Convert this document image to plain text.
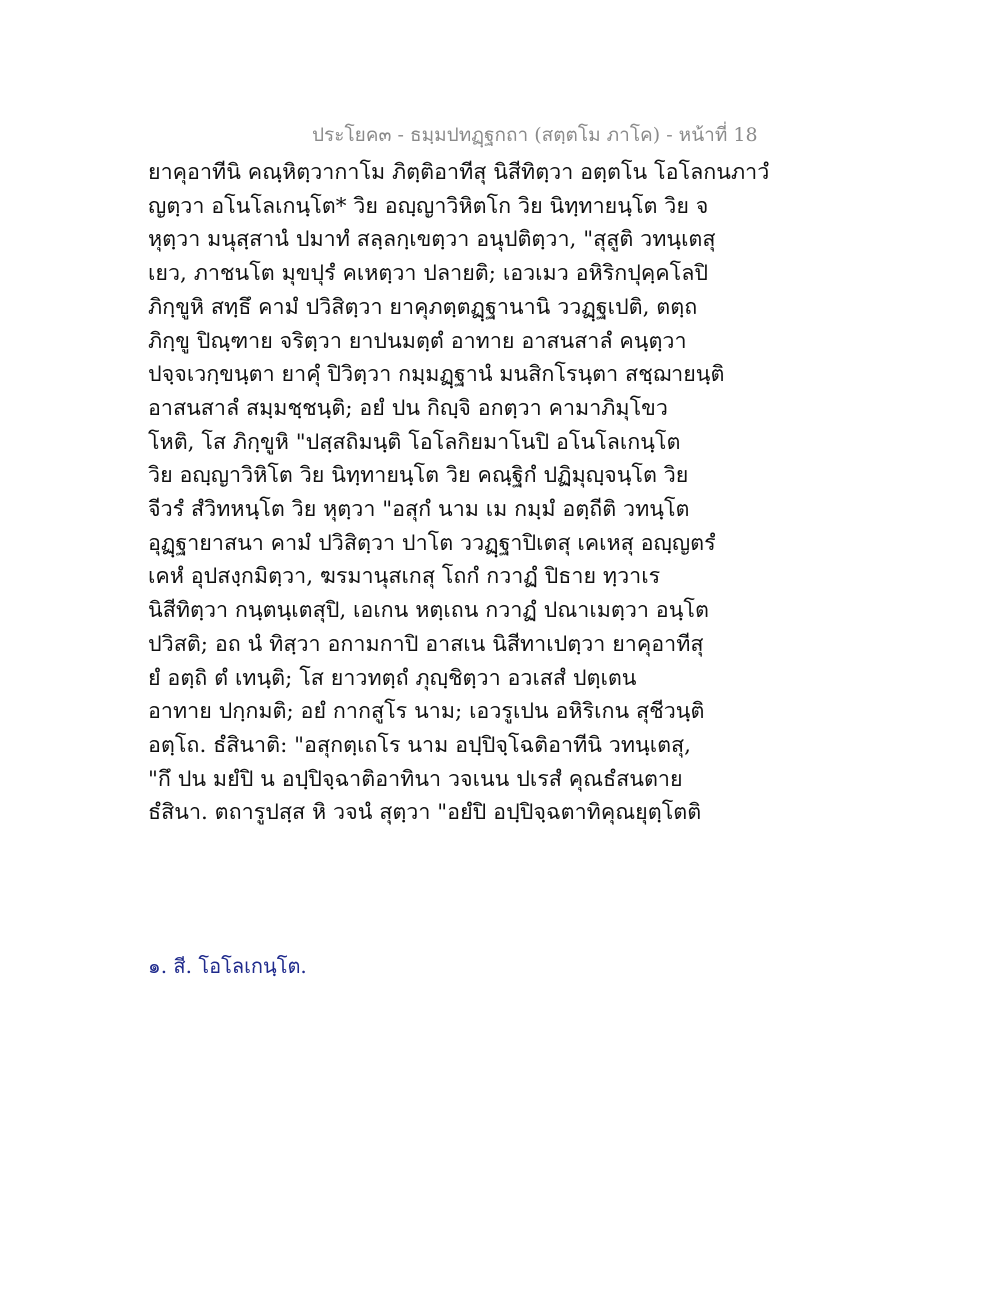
ประโยค๓ - ธมฺมปทฏฺฐกถา (สตฺตโม ภาโค) - หน้าที่ 18
ยาคุอาทีนิ คณฺหิตฺวากาโม ภิตฺติอาทีสุ นิสีทิตฺวา อตฺตโน โอโลกนภาวํ
ญตฺวา อโนโลเกนฺโต* วิย อญฺญาวิหิตโก วิย นิทฺทายนฺโต วิย จ
หุตฺวา มนุสฺสานํ ปมาทํ สลฺลกฺเขตฺวา อนุปติตฺวา, "สุสูติ วทนฺเตสุ
เยว, ภาชนโต มุขปุรํ คเหตฺวา ปลายติ; เอวเมว อหิริกปุคฺคโลปิ
ภิกฺขูหิ สทฺธึ คามํ ปวิสิตฺวา ยาคุภตฺตฏฺฐานานิ ววฏฺฐเปติ, ตตฺถ
ภิกฺขู ปิณฺฑาย จริตฺวา ยาปนมตฺตํ อาทาย อาสนสาลํ คนฺตฺวา
ปจฺจเวกฺขนฺตา ยาคุํ ปิวิตฺวา กมฺมฏฺฐานํ มนสิกโรนฺตา สชฺฌายนฺติ
อาสนสาลํ สมฺมชฺชนฺติ; อยํ ปน กิญฺจิ อกตฺวา คามาภิมุโขว
โหติ, โส ภิกฺขูหิ "ปสฺสถิมนฺติ โอโลกิยมาโนปิ อโนโลเกนฺโต
วิย อญฺญาวิหิโต วิย นิทฺทายนฺโต วิย คณฺฐิกํ ปฏิมุญฺจนฺโต วิย
จีวรํ สํวิทหนฺโต วิย หุตฺวา "อสุกํ นาม เม กมฺมํ อตฺถีติ วทนฺโต
อุฏฺฐายาสนา คามํ ปวิสิตฺวา ปาโต ววฏฺฐาปิเตสุ เคเหสุ อญฺญตรํ
เคหํ อุปสงฺกมิตฺวา, ฆรมานุสเกสุ โถกํ กวาฏํ ปิธาย ทฺวาเร
นิสีทิตฺวา กนฺตนฺเตสุปิ, เอเกน หตฺเถน กวาฏํ ปณาเมตฺวา อนฺโต
ปวิสติ; อถ นํ ทิสฺวา อกามกาปิ อาสเน นิสีทาเปตฺวา ยาคุอาทีสุ
ยํ อตฺถิ ตํ เทนฺติ; โส ยาวทตฺถํ ภุญฺชิตฺวา อวเสสํ ปตฺเตน
อาทาย ปกฺกมติ; อยํ กากสูโร นาม; เอวรูเปน อหิริเกน สุชีวนฺติ
อตฺโถ. ธํสินาติ: "อสุกตฺเถโร นาม อปฺปิจฺโฉติอาทีนิ วทนฺเตสุ,
"กึ ปน มยํปิ น อปฺปิจฺฉาติอาทินา วจเนน ปเรสํ คุณธํสนตาย
ธํสินา. ตถารูปสฺส หิ วจนํ สุตฺวา "อยํปิ อปฺปิจฺฉตาทิคุณยุตฺโตติ
๑. สี. โอโลเกนฺโต.
